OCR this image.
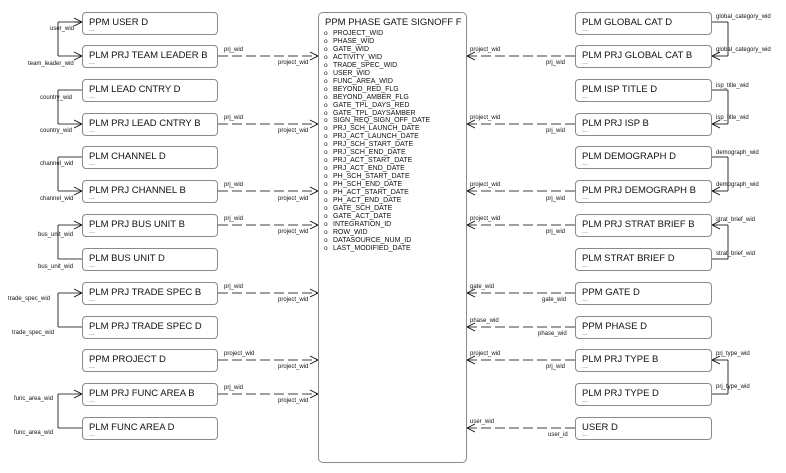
PPM PHASE GATE SIGNOFF F
o PROJECT_WID
o PHASE_WID
o GATE_WID
o ACTIVITY_WID
o TRADE_SPEC_WID
o USER_WID
o FUNC_AREA_WID
o BEYOND_RED_FLG
o BEYOND_AMBER_FLG
o GATE_TPL_DAYS_RED
o GATE_TPL_DAYSAMBER
o SIGN_REQ_SIGN_OFF_DATE
o PRJ_SCH_LAUNCH_DATE
o PRJ_ACT_LAUNCH_DATE
o PRJ_SCH_START_DATE
o PRJ_SCH_END_DATE
o PRJ_ACT_START_DATE
o PRJ_ACT_END_DATE
o PH_SCH_START_DATE
o PH_SCH_END_DATE
o PH_ACT_START_DATE
o PH_ACT_END_DATE
o GATE_SCH_DATE
o GATE_ACT_DATE
o INTEGRATION_ID
o ROW_WID
o DATASOURCE_NUM_ID
o LAST_MODIFIED_DATE
PPM USER D
...
PLM PRJ TEAM LEADER B
...
PLM LEAD CNTRY D
...
PLM PRJ LEAD CNTRY B
...
PLM CHANNEL D
...
PLM PRJ CHANNEL B
...
PLM PRJ BUS UNIT B
...
PLM BUS UNIT D
...
PLM PRJ TRADE SPEC B
...
PLM PRJ TRADE SPEC D
...
PPM PROJECT D
...
PLM PRJ FUNC AREA B
...
PLM FUNC AREA D
...
PLM GLOBAL CAT D
...
PLM PRJ GLOBAL CAT B
...
PLM ISP TITLE D
...
PLM PRJ ISP B
...
PLM DEMOGRAPH D
...
PLM PRJ DEMOGRAPH B
...
PLM PRJ STRAT BRIEF B
...
PLM STRAT BRIEF D
...
PPM GATE D
...
PPM PHASE D
...
PLM PRJ TYPE B
...
PLM PRJ TYPE D
...
USER D
...
user_wid
team_leader_wid
prj_wid
project_wid
country_wid
country_wid
prj_wid
project_wid
channel_wid
channel_wid
prj_wid
project_wid
bus_unit_wid
bus_unit_wid
prj_wid
project_wid
trade_spec_wid
trade_spec_wid
prj_wid
project_wid
project_wid
project_wid
func_area_wid
func_area_wid
prj_wid
project_wid
project_wid
prj_wid
global_category_wid
global_category_wid
project_wid
prj_wid
isp_title_wid
isp_title_wid
project_wid
prj_wid
demograph_wid
demograph_wid
project_wid
prj_wid
strat_brief_wid
strat_brief_wid
gate_wid
gate_wid
phase_wid
phase_wid
project_wid
prj_wid
prj_type_wid
prj_type_wid
user_wid
user_id
